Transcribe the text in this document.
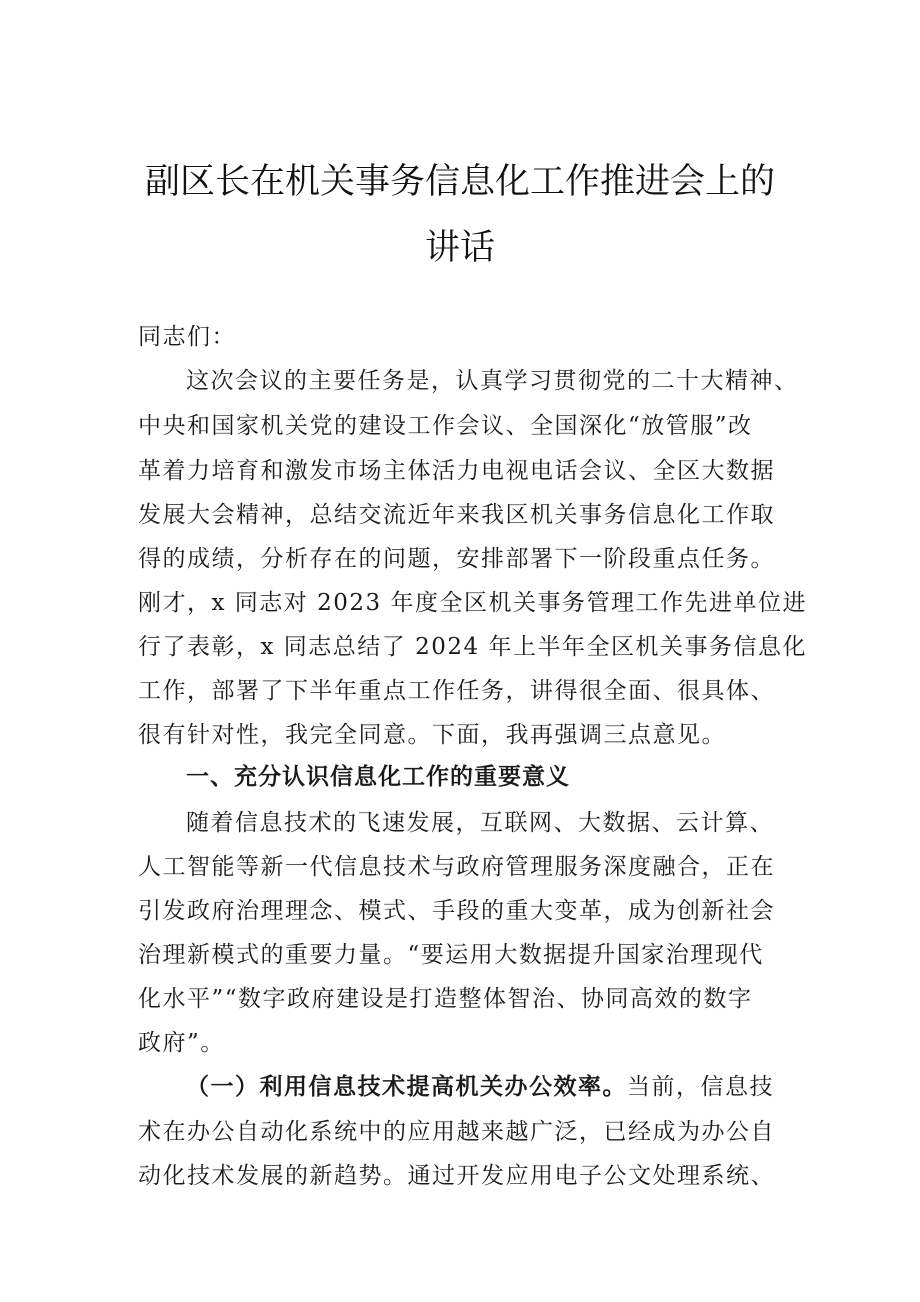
副区长在机关事务信息化工作推进会上的
讲话
同志们：
这次会议的主要任务是，认真学习贯彻党的二十大精神、
中央和国家机关党的建设工作会议、全国深化“放管服”改
革着力培育和激发市场主体活力电视电话会议、全区大数据
发展大会精神，总结交流近年来我区机关事务信息化工作取
得的成绩，分析存在的问题，安排部署下一阶段重点任务。
刚才，x 同志对 2023 年度全区机关事务管理工作先进单位进
行了表彰，x 同志总结了 2024 年上半年全区机关事务信息化
工作，部署了下半年重点工作任务，讲得很全面、很具体、
很有针对性，我完全同意。下面，我再强调三点意见。
一、充分认识信息化工作的重要意义
随着信息技术的飞速发展，互联网、大数据、云计算、
人工智能等新一代信息技术与政府管理服务深度融合，正在
引发政府治理理念、模式、手段的重大变革，成为创新社会
治理新模式的重要力量。“要运用大数据提升国家治理现代
化水平”“数字政府建设是打造整体智治、协同高效的数字
政府”。
（一）利用信息技术提高机关办公效率。当前，信息技
术在办公自动化系统中的应用越来越广泛，已经成为办公自
动化技术发展的新趋势。通过开发应用电子公文处理系统、
